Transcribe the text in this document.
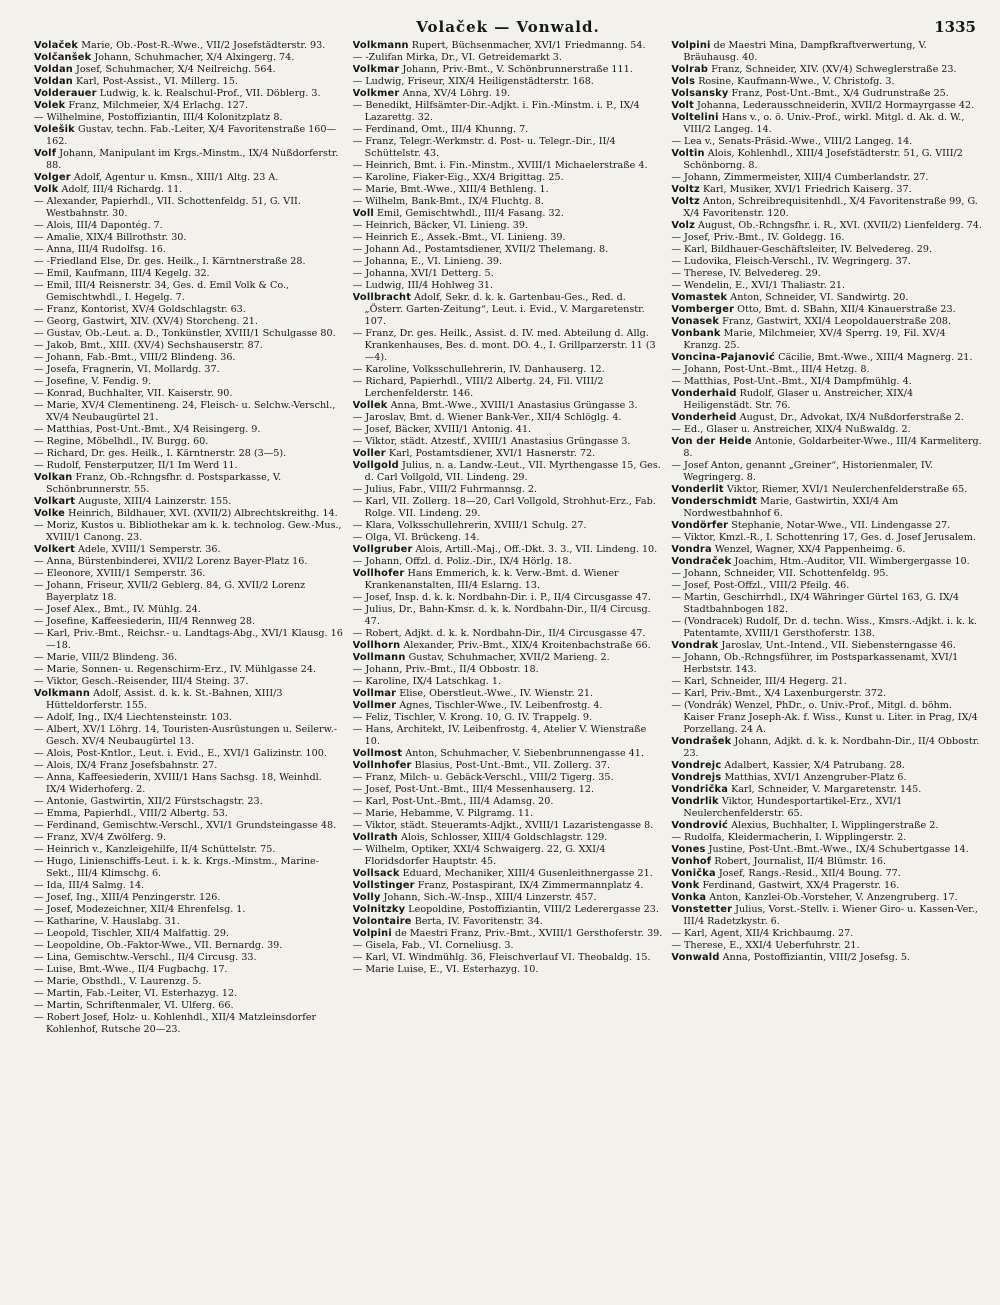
Volaček — Vonwald.	1335
Volaček Marie, Ob.-Post-R.-Wwe., VII/2 Josefstädterstr. 93.
Volčanšek Johann, Schuhmacher, X/4 Alxingerg. 74.
Voldan Josef, Schuhmacher, X/4 Neilreichg. 564.
Voldan Karl, Post-Assist., VI. Millerg. 15.
Volderauer Ludwig, k. k. Realschul-Prof., VII. Döblerg. 3.
Volek Franz, Milchmeier, X/4 Erlachg. 127.
— Wilhelmine, Postoffiziantin, III/4 Kolonitzplatz 8.
Volešik Gustav, techn. Fab.-Leiter, X/4 Favoritenstraße 160—162.
Volf Johann, Manipulant im Krgs.-Minstm., IX/4 Nußdorferstr. 88.
Volger Adolf, Agentur u. Kmsn., XIII/1 Altg. 23 A.
Volk Adolf, III/4 Richardg. 11.
— Alexander, Papierhdl., VII. Schottenfeldg. 51, G. VII. Westbahnstr. 30.
— Alois, III/4 Dapontég. 7.
— Amalie, XIX/4 Billrothstr. 30.
— Anna, III/4 Rudolfsg. 16.
— -Friedland Else, Dr. ges. Heilk., I. Kärntnerstraße 28.
— Emil, Kaufmann, III/4 Kegelg. 32.
— Emil, III/4 Reisnerstr. 34, Ges. d. Emil Volk & Co., Gemischtwhdl., I. Hegelg. 7.
— Franz, Kontorist, XV/4 Goldschlagstr. 63.
— Georg, Gastwirt, XIV. (XV/4) Storcheng. 21.
— Gustav, Ob.-Leut. a. D., Tonkünstler, XVIII/1 Schulgasse 80.
— Jakob, Bmt., XIII. (XV/4) Sechshauserstr. 87.
— Johann, Fab.-Bmt., VIII/2 Blindeng. 36.
— Josefa, Fragnerin, VI. Mollardg. 37.
— Josefine, V. Fendig. 9.
— Konrad, Buchhalter, VII. Kaiserstr. 90.
— Marie, XV/4 Clementineng. 24, Fleisch- u. Selchw.-Verschl., XV/4 Neubaugürtel 21.
— Matthias, Post-Unt.-Bmt., X/4 Reisingerg. 9.
— Regine, Möbelhdl., IV. Burgg. 60.
— Richard, Dr. ges. Heilk., I. Kärntnerstr. 28 (3—5).
— Rudolf, Fensterputzer, II/1 Im Werd 11.
Volkan Franz, Ob.-Rchngsfhr. d. Postsparkasse, V. Schönbrunnerstr. 55.
Volkart Auguste, XIII/4 Lainzerstr. 155.
Volke Heinrich, Bildhauer, XVI. (XVII/2) Albrechtskreithg. 14.
— Moriz, Kustos u. Bibliothekar am k. k. technolog. Gew.-Mus., XVIII/1 Canong. 23.
Volkert Adele, XVIII/1 Semperstr. 36.
— Anna, Bürstenbinderei, XVII/2 Lorenz Bayer-Platz 16.
— Eleonore, XVIII/1 Semperstr. 36.
— Johann, Friseur, XVII/2 Geblerg. 84, G. XVII/2 Lorenz Bayerplatz 18.
— Josef Alex., Bmt., IV. Mühlg. 24.
— Josefine, Kaffeesiederin, III/4 Rennweg 28.
— Karl, Priv.-Bmt., Reichsr.- u. Landtags-Abg., XVI/1 Klausg. 16—18.
— Marie, VIII/2 Blindeng. 36.
— Marie, Sonnen- u. Regenschirm-Erz., IV. Mühlgasse 24.
— Viktor, Gesch.-Reisender, III/4 Steing. 37.
Volkmann Adolf, Assist. d. k. k. St.-Bahnen, XIII/3 Hütteldorferstr. 155.
— Adolf, Ing., IX/4 Liechtensteinstr. 103.
— Albert, XV/1 Löhrg. 14, Touristen-Ausrüstungen u. Seilerw.-Gesch. XV/4 Neubaugürtel 13.
— Alois, Post-Kntlor., Leut. i. Evid., E., XVI/1 Galizinstr. 100.
— Alois, IX/4 Franz Josefsbahnstr. 27.
— Anna, Kaffeesiederin, XVIII/1 Hans Sachsg. 18, Weinhdl. IX/4 Widerhoferg. 2.
— Antonie, Gastwirtin, XII/2 Fürstschagstr. 23.
— Emma, Papierhdl., VIII/2 Albertg. 53.
— Ferdinand, Gemischtw.-Verschl., XVI/1 Grundsteingasse 48.
— Franz, XV/4 Zwölferg. 9.
— Heinrich v., Kanzleigehilfe, II/4 Schüttelstr. 75.
— Hugo, Linienschiffs-Leut. i. k. k. Krgs.-Minstm., Marine-Sekt., III/4 Klimschg. 6.
— Ida, III/4 Salmg. 14.
— Josef, Ing., XIII/4 Penzingerstr. 126.
— Josef, Modezeichner, XII/4 Ehrenfelsg. 1.
— Katharine, V. Hauslabg. 31.
— Leopold, Tischler, XII/4 Malfattig. 29.
— Leopoldine, Ob.-Faktor-Wwe., VII. Bernardg. 39.
— Lina, Gemischtw.-Verschl., II/4 Circusg. 33.
— Luise, Bmt.-Wwe., II/4 Fugbachg. 17.
— Marie, Obsthdl., V. Laurenzg. 5.
— Martin, Fab.-Leiter, VI. Esterhazyg. 12.
— Martin, Schriftenmaler, VI. Ulferg. 66.
— Robert Josef, Holz- u. Kohlenhdl., XII/4 Matzleinsdorfer Kohlenhof, Rutsche 20—23.
Volkmann Rupert, Büchsenmacher, XVI/1 Friedmanng. 54.
— -Zulifan Mirka, Dr., VI. Getreidemarkt 3.
Volkmar Johann, Priv.-Bmt., V. Schönbrunnerstraße 111.
— Ludwig, Friseur, XIX/4 Heiligenstädterstr. 168.
Volkmer Anna, XV/4 Löhrg. 19.
— Benedikt, Hilfsämter-Dir.-Adjkt. i. Fin.-Minstm. i. P., IX/4 Lazarettg. 32.
— Ferdinand, Omt., III/4 Khunng. 7.
— Franz, Telegr.-Werkmstr. d. Post- u. Telegr.-Dir., II/4 Schüttelstr. 43.
— Heinrich, Bmt. i. Fin.-Minstm., XVIII/1 Michaelerstraße 4.
— Karoline, Fiaker-Eig., XX/4 Brigittag. 25.
— Marie, Bmt.-Wwe., XIII/4 Bethleng. 1.
— Wilhelm, Bank-Bmt., IX/4 Fluchtg. 8.
Voll Emil, Gemischtwhdl., III/4 Fasang. 32.
— Heinrich, Bäcker, VI. Linieng. 39.
— Heinrich E., Assek.-Bmt., VI. Linieng. 39.
— Johann Ad., Postamtsdiener, XVII/2 Thelemang. 8.
— Johanna, E., VI. Linieng. 39.
— Johanna, XVI/1 Detterg. 5.
— Ludwig, III/4 Hohlweg 31.
Vollbracht Adolf, Sekr. d. k. k. Gartenbau-Ges., Red. d. „Österr. Garten-Zeitung“, Leut. i. Evid., V. Margaretenstr. 107.
— Franz, Dr. ges. Heilk., Assist. d. IV. med. Abteilung d. Allg. Krankenhauses, Bes. d. mont. DO. 4., I. Grillparzerstr. 11 (3—4).
— Karoline, Volksschullehrerin, IV. Danhauserg. 12.
— Richard, Papierhdl., VIII/2 Albertg. 24, Fil. VIII/2 Lerchenfelderstr. 146.
Vollek Anna, Bmt.-Wwe., XVIII/1 Anastasius Grüngasse 3.
— Jaroslav, Bmt. d. Wiener Bank-Ver., XII/4 Schlöglg. 4.
— Josef, Bäcker, XVIII/1 Antonig. 41.
— Viktor, städt. Atzestf., XVIII/1 Anastasius Grüngasse 3.
Voller Karl, Postamtsdiener, XVI/1 Hasnerstr. 72.
Vollgold Julius, n. a. Landw.-Leut., VII. Myrthengasse 15, Ges. d. Carl Vollgold, VII. Lindeng. 29.
— Julius, Fabr., VIII/2 Fuhrmannsg. 2.
— Karl, VII. Zollerg. 18—20, Carl Vollgold, Strohhut-Erz., Fab. Rolge. VII. Lindeng. 29.
— Klara, Volksschullehrerin, XVIII/1 Schulg. 27.
— Olga, VI. Brückeng. 14.
Vollgruber Alois, Artill.-Maj., Off.-Dkt. 3. 3., VII. Lindeng. 10.
— Johann, Offzl. d. Poliz.-Dir., IX/4 Hörlg. 18.
Vollhofer Hans Emmerich, k. k. Verw.-Bmt. d. Wiener Krankenanstalten, III/4 Eslarng. 13.
— Josef, Insp. d. k. k. Nordbahn-Dir. i. P., II/4 Circusgasse 47.
— Julius, Dr., Bahn-Kmsr. d. k. k. Nordbahn-Dir., II/4 Circusg. 47.
— Robert, Adjkt. d. k. k. Nordbahn-Dir., II/4 Circusgasse 47.
Vollhorn Alexander, Priv.-Bmt., XIX/4 Kroitenbachstraße 66.
Vollmann Gustav, Schuhmacher, XVII/2 Marieng. 2.
— Johann, Priv.-Bmt., II/4 Obbostr. 18.
— Karoline, IX/4 Latschkag. 1.
Vollmar Elise, Oberstleut.-Wwe., IV. Wienstr. 21.
Vollmer Agnes, Tischler-Wwe., IV. Leibenfrostg. 4.
— Feliz, Tischler, V. Krong. 10, G. IV. Trappelg. 9.
— Hans, Architekt, IV. Leibenfrostg. 4, Atelier V. Wienstraße 10.
Vollmost Anton, Schuhmacher, V. Siebenbrunnengasse 41.
Vollnhofer Blasius, Post-Unt.-Bmt., VII. Zollerg. 37.
— Franz, Milch- u. Gebäck-Verschl., VIII/2 Tigerg. 35.
— Josef, Post-Unt.-Bmt., III/4 Messenhauserg. 12.
— Karl, Post-Unt.-Bmt., III/4 Adamsg. 20.
— Marie, Hebamme, V. Pilgramg. 11.
— Viktor, städt. Steueramts-Adjkt., XVIII/1 Lazaristengasse 8.
Vollrath Alois, Schlosser, XIII/4 Goldschlagstr. 129.
— Wilhelm, Optiker, XXI/4 Schwaigerg. 22, G. XXI/4 Floridsdorfer Hauptstr. 45.
Vollsack Eduard, Mechaniker, XIII/4 Gusenleithnergasse 21.
Vollstinger Franz, Postaspirant, IX/4 Zimmermannplatz 4.
Volly Johann, Sich.-W.-Insp., XIII/4 Linzerstr. 457.
Volnitzky Leopoldine, Postoffiziantin, VIII/2 Lederergasse 23.
Volontaire Berta, IV. Favoritenstr. 34.
Volpini de Maestri Franz, Priv.-Bmt., XVIII/1 Gersthoferstr. 39.
— Gisela, Fab., VI. Corneliusg. 3.
— Karl, VI. Windmühlg. 36, Fleischverlauf VI. Theobaldg. 15.
— Marie Luise, E., VI. Esterhazyg. 10.
Volpini de Maestri Mina, Dampfkraftverwertung, V. Bräuhausg. 40.
Volrab Franz, Schneider, XIV. (XV/4) Schweglerstraße 23.
Vols Rosine, Kaufmann-Wwe., V. Christofg. 3.
Volsansky Franz, Post-Unt.-Bmt., X/4 Gudrunstraße 25.
Volt Johanna, Lederausschneiderin, XVII/2 Hormayrgasse 42.
Voltelini Hans v., o. ö. Univ.-Prof., wirkl. Mitgl. d. Ak. d. W., VIII/2 Langeg. 14.
— Lea v., Senats-Präsid.-Wwe., VIII/2 Langeg. 14.
Voltin Alois, Kohlenhdl., XIII/4 Josefstädterstr. 51, G. VIII/2 Schönborng. 8.
— Johann, Zimmermeister, XIII/4 Cumberlandstr. 27.
Voltz Karl, Musiker, XVI/1 Friedrich Kaiserg. 37.
Voltz Anton, Schreibrequisitenhdl., X/4 Favoritenstraße 99, G. X/4 Favoritenstr. 120.
Volz August, Ob.-Rchngsfhr. i. R., XVI. (XVII/2) Lienfelderg. 74.
— Josef, Priv.-Bmt., IV. Goldegg. 16.
— Karl, Bildhauer-Geschäftsleiter, IV. Belvedereg. 29.
— Ludovika, Fleisch-Verschl., IV. Wegringerg. 37.
— Therese, IV. Belvedereg. 29.
— Wendelin, E., XVI/1 Thaliastr. 21.
Vomastek Anton, Schneider, VI. Sandwirtg. 20.
Vomberger Otto, Bmt. d. SBahn, XII/4 Kinauerstraße 23.
Vonasek Franz, Gastwirt, XXI/4 Leopoldauerstraße 208.
Vonbank Marie, Milchmeier, XV/4 Sperrg. 19, Fil. XV/4 Kranzg. 25.
Voncina-Pajanović Cäcilie, Bmt.-Wwe., XIII/4 Magnerg. 21.
— Johann, Post-Unt.-Bmt., III/4 Hetzg. 8.
— Matthias, Post-Unt.-Bmt., XI/4 Dampfmühlg. 4.
Vonderhaid Rudolf, Glaser u. Anstreicher, XIX/4 Heiligenstädt. Str. 76.
Vonderheid August, Dr., Advokat, IX/4 Nußdorferstraße 2.
— Ed., Glaser u. Anstreicher, XIX/4 Nußwaldg. 2.
Von der Heide Antonie, Goldarbeiter-Wwe., III/4 Karmeliterg. 8.
— Josef Anton, genannt „Greiner“, Historienmaler, IV. Wegringerg. 8.
Vonderlit Viktor, Riemer, XVI/1 Neulerchenfelderstraße 65.
Vonderschmidt Marie, Gastwirtin, XXI/4 Am Nordwestbahnhof 6.
Vondörfer Stephanie, Notar-Wwe., VII. Lindengasse 27.
— Viktor, Kmzl.-R., I. Schottenring 17, Ges. d. Josef Jerusalem.
Vondra Wenzel, Wagner, XX/4 Pappenheimg. 6.
Vondraček Joachim, Htm.-Auditor, VII. Wimbergergasse 10.
— Johann, Schneider, VII. Schottenfeldg. 95.
— Josef, Post-Offzl., VIII/2 Pfeilg. 46.
— Martin, Geschirrhdl., IX/4 Währinger Gürtel 163, G. IX/4 Stadtbahnbogen 182.
— (Vondracek) Rudolf, Dr. d. techn. Wiss., Kmsrs.-Adjkt. i. k. k. Patentamte, XVIII/1 Gersthoferstr. 138.
Vondrak Jaroslav, Unt.-Intend., VII. Siebensterngasse 46.
— Johann, Ob.-Rchngsführer, im Postsparkassenamt, XVI/1 Herbststr. 143.
— Karl, Schneider, III/4 Hegerg. 21.
— Karl, Priv.-Bmt., X/4 Laxenburgerstr. 372.
— (Vondrák) Wenzel, PhDr., o. Univ.-Prof., Mitgl. d. böhm. Kaiser Franz Joseph-Ak. f. Wiss., Kunst u. Liter. in Prag, IX/4 Porzellang. 24 A.
Vondrašek Johann, Adjkt. d. k. k. Nordbahn-Dir., II/4 Obbostr. 23.
Vondrejc Adalbert, Kassier, X/4 Patrubang. 28.
Vondrejs Matthias, XVI/1 Anzengruber-Platz 6.
Vondrička Karl, Schneider, V. Margaretenstr. 145.
Vondrlik Viktor, Hundesportartikel-Erz., XVI/1 Neulerchenfelderstr. 65.
Vondrović Alexius, Buchhalter, I. Wipplingerstraße 2.
— Rudolfa, Kleidermacherin, I. Wipplingerstr. 2.
Vones Justine, Post-Unt.-Bmt.-Wwe., IX/4 Schubertgasse 14.
Vonhof Robert, Journalist, II/4 Blümstr. 16.
Vonička Josef, Rangs.-Resid., XII/4 Boung. 77.
Vonk Ferdinand, Gastwirt, XX/4 Pragerstr. 16.
Vonka Anton, Kanzlei-Ob.-Vorsteher, V. Anzengruberg. 17.
Vonstetter Julius, Vorst.-Stellv. i. Wiener Giro- u. Kassen-Ver., III/4 Radetzkystr. 6.
— Karl, Agent, XII/4 Krichbaumg. 27.
— Therese, E., XXI/4 Ueberfuhrstr. 21.
Vonwald Anna, Postoffiziantin, VIII/2 Josefsg. 5.
